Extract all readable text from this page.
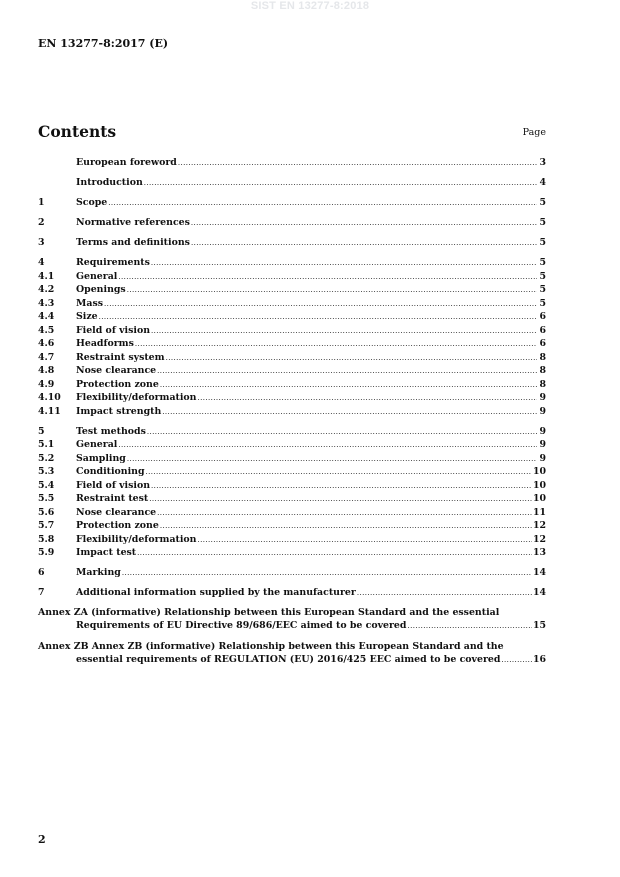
SIST EN 13277-8:2018
EN 13277-8:2017 (E)
Contents	Page
European foreword .....	3
Introduction .....	4
1	Scope .....	5
2	Normative references .....	5
3	Terms and definitions .....	5
4	Requirements .....	5
4.1	General .....	5
4.2	Openings .....	5
4.3	Mass .....	5
4.4	Size .....	6
4.5	Field of vision .....	6
4.6	Headforms .....	6
4.7	Restraint system .....	8
4.8	Nose clearance .....	8
4.9	Protection zone .....	8
4.10	Flexibility/deformation .....	9
4.11	Impact strength .....	9
5	Test methods .....	9
5.1	General .....	9
5.2	Sampling .....	9
5.3	Conditioning .....	10
5.4	Field of vision .....	10
5.5	Restraint test .....	10
5.6	Nose clearance .....	11
5.7	Protection zone .....	12
5.8	Flexibility/deformation .....	12
5.9	Impact test .....	13
6	Marking .....	14
7	Additional information supplied by the manufacturer .....	14
Annex ZA (informative) Relationship between this European Standard and the essential
Requirements of EU Directive 89/686/EEC aimed to be covered .....	15
Annex ZB Annex ZB (informative) Relationship between this European Standard and the
essential requirements of REGULATION (EU) 2016/425 EEC aimed to be covered .....	16
2
